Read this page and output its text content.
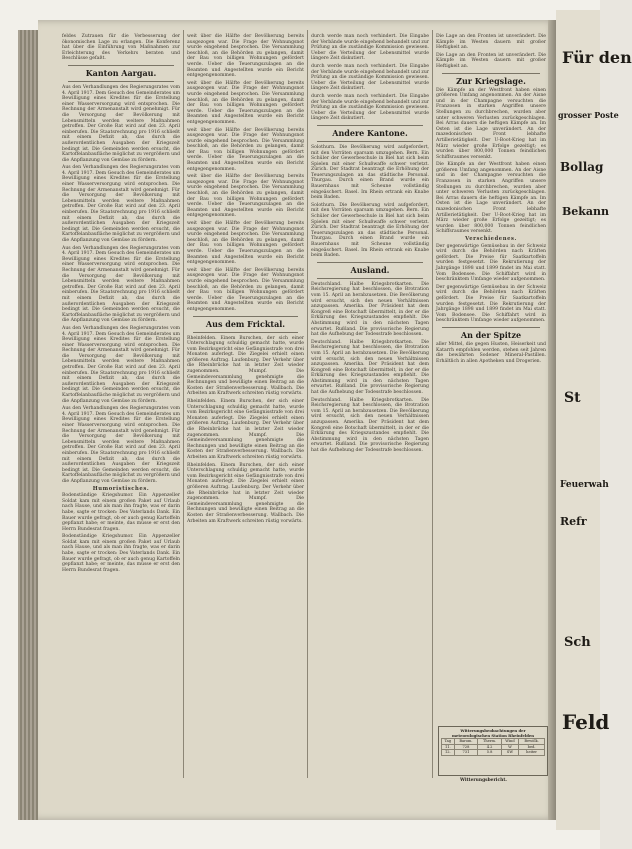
feldes Zutrauen für die Verbesserung der ökonomischen Lage zu erlangen. Die Konferenz hat über die Einführung von Maßnahmen zur Erleichterung des Verkehrs beraten und Beschlüsse gefaßt.

Kanton Aargau.

Aus den Verhandlungen des Regierungsrates vom 4. April 1917. Dem Gesuch des Gemeinderates um Bewilligung eines Kredites für die Erstellung einer Wasserversorgung wird entsprochen. Die Rechnung der Armenanstalt wird genehmigt. Für die Versorgung der Bevölkerung mit Lebensmitteln werden weitere Maßnahmen getroffen. Der Große Rat wird auf den 23. April einberufen. Die Staatsrechnung pro 1916 schließt mit einem Defizit ab, das durch die außerordentlichen Ausgaben der Kriegszeit bedingt ist. Die Gemeinden werden ersucht, die Kartoffelanbaufläche möglichst zu vergrößern und die Anpflanzung von Gemüse zu fördern.

Aus den Verhandlungen des Regierungsrates vom 4. April 1917. Dem Gesuch des Gemeinderates um Bewilligung eines Kredites für die Erstellung einer Wasserversorgung wird entsprochen. Die Rechnung der Armenanstalt wird genehmigt. Für die Versorgung der Bevölkerung mit Lebensmitteln werden weitere Maßnahmen getroffen. Der Große Rat wird auf den 23. April einberufen. Die Staatsrechnung pro 1916 schließt mit einem Defizit ab, das durch die außerordentlichen Ausgaben der Kriegszeit bedingt ist. Die Gemeinden werden ersucht, die Kartoffelanbaufläche möglichst zu vergrößern und die Anpflanzung von Gemüse zu fördern.

Aus den Verhandlungen des Regierungsrates vom 4. April 1917. Dem Gesuch des Gemeinderates um Bewilligung eines Kredites für die Erstellung einer Wasserversorgung wird entsprochen. Die Rechnung der Armenanstalt wird genehmigt. Für die Versorgung der Bevölkerung mit Lebensmitteln werden weitere Maßnahmen getroffen. Der Große Rat wird auf den 23. April einberufen. Die Staatsrechnung pro 1916 schließt mit einem Defizit ab, das durch die außerordentlichen Ausgaben der Kriegszeit bedingt ist. Die Gemeinden werden ersucht, die Kartoffelanbaufläche möglichst zu vergrößern und die Anpflanzung von Gemüse zu fördern.

Aus den Verhandlungen des Regierungsrates vom 4. April 1917. Dem Gesuch des Gemeinderates um Bewilligung eines Kredites für die Erstellung einer Wasserversorgung wird entsprochen. Die Rechnung der Armenanstalt wird genehmigt. Für die Versorgung der Bevölkerung mit Lebensmitteln werden weitere Maßnahmen getroffen. Der Große Rat wird auf den 23. April einberufen. Die Staatsrechnung pro 1916 schließt mit einem Defizit ab, das durch die außerordentlichen Ausgaben der Kriegszeit bedingt ist. Die Gemeinden werden ersucht, die Kartoffelanbaufläche möglichst zu vergrößern und die Anpflanzung von Gemüse zu fördern.

Aus den Verhandlungen des Regierungsrates vom 4. April 1917. Dem Gesuch des Gemeinderates um Bewilligung eines Kredites für die Erstellung einer Wasserversorgung wird entsprochen. Die Rechnung der Armenanstalt wird genehmigt. Für die Versorgung der Bevölkerung mit Lebensmitteln werden weitere Maßnahmen getroffen. Der Große Rat wird auf den 23. April einberufen. Die Staatsrechnung pro 1916 schließt mit einem Defizit ab, das durch die außerordentlichen Ausgaben der Kriegszeit bedingt ist. Die Gemeinden werden ersucht, die Kartoffelanbaufläche möglichst zu vergrößern und die Anpflanzung von Gemüse zu fördern.

Humoristisches.

Bodenständige Kriegshumor. Ein Appenzeller Soldat kam mit einem großen Paket auf Urlaub nach Hause, und als man ihn fragte, was er darin habe, sagte er trocken: Des Vaterlands Dank. Ein Bauer wurde gefragt, ob er auch genug Kartoffeln gepflanzt habe; er meinte, das müsse er erst den Herrn Bundesrat fragen.

Bodenständige Kriegshumor. Ein Appenzeller Soldat kam mit einem großen Paket auf Urlaub nach Hause, und als man ihn fragte, was er darin habe, sagte er trocken: Des Vaterlands Dank. Ein Bauer wurde gefragt, ob er auch genug Kartoffeln gepflanzt habe; er meinte, das müsse er erst den Herrn Bundesrat fragen.

weit über die Hälfte der Bevölkerung bereits ausgezogen war. Die Frage der Wohnungsnot wurde eingehend besprochen. Die Versammlung beschloß, an die Behörden zu gelangen, damit der Bau von billigen Wohnungen gefördert werde. Ueber die Teuerungszulagen an die Beamten und Angestellten wurde ein Bericht entgegengenommen.

weit über die Hälfte der Bevölkerung bereits ausgezogen war. Die Frage der Wohnungsnot wurde eingehend besprochen. Die Versammlung beschloß, an die Behörden zu gelangen, damit der Bau von billigen Wohnungen gefördert werde. Ueber die Teuerungszulagen an die Beamten und Angestellten wurde ein Bericht entgegengenommen.

weit über die Hälfte der Bevölkerung bereits ausgezogen war. Die Frage der Wohnungsnot wurde eingehend besprochen. Die Versammlung beschloß, an die Behörden zu gelangen, damit der Bau von billigen Wohnungen gefördert werde. Ueber die Teuerungszulagen an die Beamten und Angestellten wurde ein Bericht entgegengenommen.

weit über die Hälfte der Bevölkerung bereits ausgezogen war. Die Frage der Wohnungsnot wurde eingehend besprochen. Die Versammlung beschloß, an die Behörden zu gelangen, damit der Bau von billigen Wohnungen gefördert werde. Ueber die Teuerungszulagen an die Beamten und Angestellten wurde ein Bericht entgegengenommen.

weit über die Hälfte der Bevölkerung bereits ausgezogen war. Die Frage der Wohnungsnot wurde eingehend besprochen. Die Versammlung beschloß, an die Behörden zu gelangen, damit der Bau von billigen Wohnungen gefördert werde. Ueber die Teuerungszulagen an die Beamten und Angestellten wurde ein Bericht entgegengenommen.

weit über die Hälfte der Bevölkerung bereits ausgezogen war. Die Frage der Wohnungsnot wurde eingehend besprochen. Die Versammlung beschloß, an die Behörden zu gelangen, damit der Bau von billigen Wohnungen gefördert werde. Ueber die Teuerungszulagen an die Beamten und Angestellten wurde ein Bericht entgegengenommen.

Aus dem Fricktal.

Rheinfelden. Einem Burschen, der sich einer Unterschlagung schuldig gemacht hatte, wurde vom Bezirksgericht eine Gefängnisstrafe von drei Monaten auferlegt. Die Ziegelei erhielt einen größeren Auftrag. Laufenburg. Der Verkehr über die Rheinbrücke hat in letzter Zeit wieder zugenommen. Mumpf. Die Gemeindeversammlung genehmigte die Rechnungen und bewilligte einen Beitrag an die Kosten der Straßenverbesserung. Wallbach. Die Arbeiten am Kraftwerk schreiten rüstig vorwärts.

Rheinfelden. Einem Burschen, der sich einer Unterschlagung schuldig gemacht hatte, wurde vom Bezirksgericht eine Gefängnisstrafe von drei Monaten auferlegt. Die Ziegelei erhielt einen größeren Auftrag. Laufenburg. Der Verkehr über die Rheinbrücke hat in letzter Zeit wieder zugenommen. Mumpf. Die Gemeindeversammlung genehmigte die Rechnungen und bewilligte einen Beitrag an die Kosten der Straßenverbesserung. Wallbach. Die Arbeiten am Kraftwerk schreiten rüstig vorwärts.

Rheinfelden. Einem Burschen, der sich einer Unterschlagung schuldig gemacht hatte, wurde vom Bezirksgericht eine Gefängnisstrafe von drei Monaten auferlegt. Die Ziegelei erhielt einen größeren Auftrag. Laufenburg. Der Verkehr über die Rheinbrücke hat in letzter Zeit wieder zugenommen. Mumpf. Die Gemeindeversammlung genehmigte die Rechnungen und bewilligte einen Beitrag an die Kosten der Straßenverbesserung. Wallbach. Die Arbeiten am Kraftwerk schreiten rüstig vorwärts.

durch werde man noch verhindert. Die Eingabe der Verbände wurde eingehend behandelt und zur Prüfung an die zuständige Kommission gewiesen. Ueber die Verteilung der Lebensmittel wurde längere Zeit diskutiert.

durch werde man noch verhindert. Die Eingabe der Verbände wurde eingehend behandelt und zur Prüfung an die zuständige Kommission gewiesen. Ueber die Verteilung der Lebensmittel wurde längere Zeit diskutiert.

durch werde man noch verhindert. Die Eingabe der Verbände wurde eingehend behandelt und zur Prüfung an die zuständige Kommission gewiesen. Ueber die Verteilung der Lebensmittel wurde längere Zeit diskutiert.

Andere Kantone.

Solothurn. Die Bevölkerung wird aufgefordert, mit den Vorräten sparsam umzugehen. Bern. Ein Schüler der Gewerbeschule in Biel hat sich beim Spielen mit einer Schußwaffe schwer verletzt. Zürich. Der Stadtrat beantragt die Erhöhung der Teuerungszulagen an das städtische Personal. Thurgau. Durch einen Brand wurde ein Bauernhaus mit Scheune vollständig eingeäschert. Basel. Im Rhein ertrank ein Knabe beim Baden.

Solothurn. Die Bevölkerung wird aufgefordert, mit den Vorräten sparsam umzugehen. Bern. Ein Schüler der Gewerbeschule in Biel hat sich beim Spielen mit einer Schußwaffe schwer verletzt. Zürich. Der Stadtrat beantragt die Erhöhung der Teuerungszulagen an das städtische Personal. Thurgau. Durch einen Brand wurde ein Bauernhaus mit Scheune vollständig eingeäschert. Basel. Im Rhein ertrank ein Knabe beim Baden.

Ausland.

Deutschland. Halbe Kriegsbrotkarten. Die Reichsregierung hat beschlossen, die Brotration vom 15. April an herabzusetzen. Die Bevölkerung wird ersucht, sich den neuen Verhältnissen anzupassen. Amerika. Der Präsident hat dem Kongreß eine Botschaft übermittelt, in der er die Erklärung des Kriegszustandes empfiehlt. Die Abstimmung wird in den nächsten Tagen erwartet. Rußland. Die provisorische Regierung hat die Aufhebung der Todesstrafe beschlossen.

Deutschland. Halbe Kriegsbrotkarten. Die Reichsregierung hat beschlossen, die Brotration vom 15. April an herabzusetzen. Die Bevölkerung wird ersucht, sich den neuen Verhältnissen anzupassen. Amerika. Der Präsident hat dem Kongreß eine Botschaft übermittelt, in der er die Erklärung des Kriegszustandes empfiehlt. Die Abstimmung wird in den nächsten Tagen erwartet. Rußland. Die provisorische Regierung hat die Aufhebung der Todesstrafe beschlossen.

Deutschland. Halbe Kriegsbrotkarten. Die Reichsregierung hat beschlossen, die Brotration vom 15. April an herabzusetzen. Die Bevölkerung wird ersucht, sich den neuen Verhältnissen anzupassen. Amerika. Der Präsident hat dem Kongreß eine Botschaft übermittelt, in der er die Erklärung des Kriegszustandes empfiehlt. Die Abstimmung wird in den nächsten Tagen erwartet. Rußland. Die provisorische Regierung hat die Aufhebung der Todesstrafe beschlossen.

Die Lage an den Fronten ist unverändert. Die Kämpfe im Westen dauern mit großer Heftigkeit an.

Die Lage an den Fronten ist unverändert. Die Kämpfe im Westen dauern mit großer Heftigkeit an.

Zur Kriegslage.

Die Kämpfe an der Westfront haben einen größeren Umfang angenommen. An der Aisne und in der Champagne versuchten die Franzosen in starken Angriffen unsere Stellungen zu durchbrechen, wurden aber unter schweren Verlusten zurückgeschlagen. Bei Arras dauern die heftigen Kämpfe an. Im Osten ist die Lage unverändert. An der mazedonischen Front lebhafte Artillerietätigkeit. Der U-Boot-Krieg hat im März wieder große Erfolge gezeitigt; es wurden über 800,000 Tonnen feindlichen Schiffsraumes versenkt.

Die Kämpfe an der Westfront haben einen größeren Umfang angenommen. An der Aisne und in der Champagne versuchten die Franzosen in starken Angriffen unsere Stellungen zu durchbrechen, wurden aber unter schweren Verlusten zurückgeschlagen. Bei Arras dauern die heftigen Kämpfe an. Im Osten ist die Lage unverändert. An der mazedonischen Front lebhafte Artillerietätigkeit. Der U-Boot-Krieg hat im März wieder große Erfolge gezeitigt; es wurden über 800,000 Tonnen feindlichen Schiffsraumes versenkt.

Verschiedenes.

Der gegenwärtige Gemüsebau in der Schweiz wird durch die Behörden nach Kräften gefördert. Die Preise für Saatkartoffeln wurden festgesetzt. Die Rekrutierung der Jahrgänge 1898 und 1899 findet im Mai statt. Vom Bodensee. Die Schiffahrt wird in beschränktem Umfange wieder aufgenommen.

Der gegenwärtige Gemüsebau in der Schweiz wird durch die Behörden nach Kräften gefördert. Die Preise für Saatkartoffeln wurden festgesetzt. Die Rekrutierung der Jahrgänge 1898 und 1899 findet im Mai statt. Vom Bodensee. Die Schiffahrt wird in beschränktem Umfange wieder aufgenommen.

An der Spitze

aller Mittel, die gegen Husten, Heiserkeit und Katarrh empfohlen werden, stehen seit Jahren die bewährten Sodener Mineral-Pastillen. Erhältlich in allen Apotheken und Drogerien.

Witterungsbeobachtungen der meteorologischen Station Rheinfelden
Tag	Barom.	Therm.	Wind	Bewölk.
11.	728	4.2	W	bed.
12.	731	5.8	SW	heiter
Witterungsbericht.
Für den
grosser Poste
Bollag
Bekann
St
Feuerwah
Refr
Sch
Feld
